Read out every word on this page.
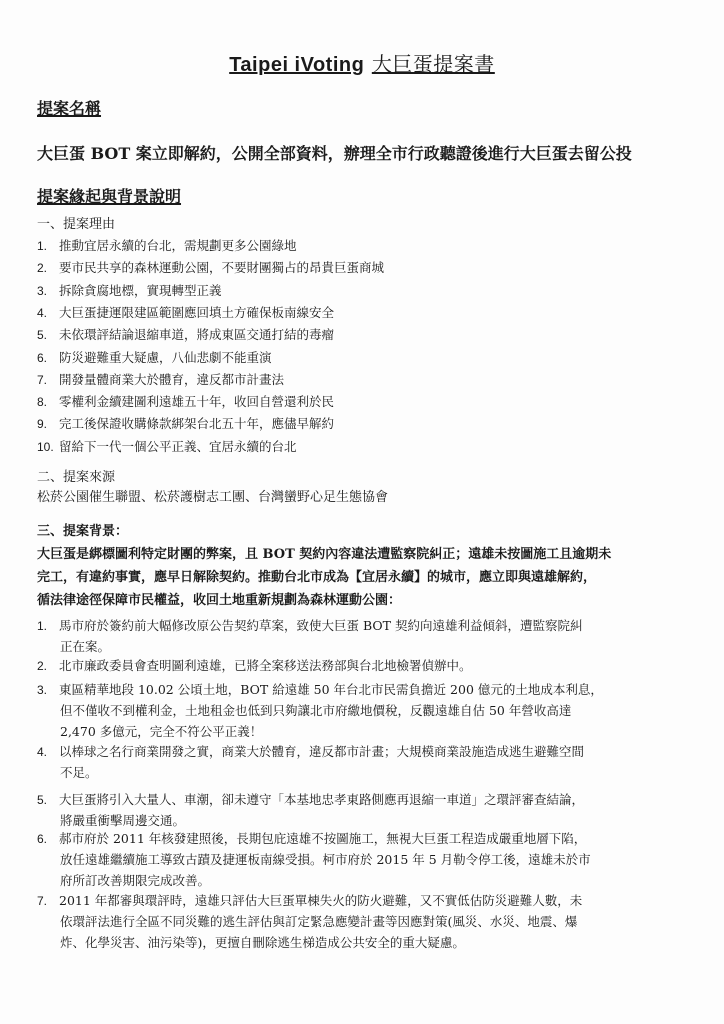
Taipei iVoting 大巨蛋提案書
提案名稱
大巨蛋 BOT 案立即解約，公開全部資料，辦理全市行政聽證後進行大巨蛋去留公投
提案緣起與背景說明
一、提案理由
1. 推動宜居永續的台北，需規劃更多公園綠地
2. 要市民共享的森林運動公園，不要財團獨占的昂貴巨蛋商城
3. 拆除貪腐地標，實現轉型正義
4. 大巨蛋捷運限建區範圍應回填土方確保板南線安全
5. 未依環評結論退縮車道，將成東區交通打結的毒瘤
6. 防災避難重大疑慮，八仙悲劇不能重演
7. 開發量體商業大於體育，違反都市計畫法
8. 零權利金續建圖利遠雄五十年，收回自營還利於民
9. 完工後保證收購條款綁架台北五十年，應儘早解約
10. 留給下一代一個公平正義、宜居永續的台北
二、提案來源
松菸公園催生聯盟、松菸護樹志工團、台灣蠻野心足生態協會
三、提案背景：
大巨蛋是綁標圖利特定財團的弊案，且 BOT 契約內容違法遭監察院糾正；遠雄未按圖施工且逾期未
完工，有違約事實，應早日解除契約。推動台北市成為【宜居永續】的城市，應立即與遠雄解約，
循法律途徑保障市民權益，收回土地重新規劃為森林運動公園：
1. 馬市府於簽約前大幅修改原公告契約草案，致使大巨蛋 BOT 契約向遠雄利益傾斜，遭監察院糾
正在案。
2. 北市廉政委員會查明圖利遠雄，已將全案移送法務部與台北地檢署偵辦中。
3. 東區精華地段 10.02 公頃土地，BOT 給遠雄 50 年台北市民需負擔近 200 億元的土地成本利息，
但不僅收不到權利金，土地租金也低到只夠讓北市府繳地價稅，反觀遠雄自估 50 年營收高達
2,470 多億元，完全不符公平正義！
4. 以棒球之名行商業開發之實，商業大於體育，違反都市計畫；大規模商業設施造成逃生避難空間
不足。
5. 大巨蛋將引入大量人、車潮，卻未遵守「本基地忠孝東路側應再退縮一車道」之環評審查結論，
將嚴重衝擊周邊交通。
6. 郝市府於 2011 年核發建照後，長期包庇遠雄不按圖施工，無視大巨蛋工程造成嚴重地層下陷，
放任遠雄繼續施工導致古蹟及捷運板南線受損。柯市府於 2015 年 5 月勒令停工後，遠雄未於市
府所訂改善期限完成改善。
7. 2011 年都審與環評時，遠雄只評估大巨蛋單棟失火的防火避難，又不實低估防災避難人數，未
依環評法進行全區不同災難的逃生評估與訂定緊急應變計畫等因應對策(風災、水災、地震、爆
炸、化學災害、油污染等)，更擅自刪除逃生梯造成公共安全的重大疑慮。
